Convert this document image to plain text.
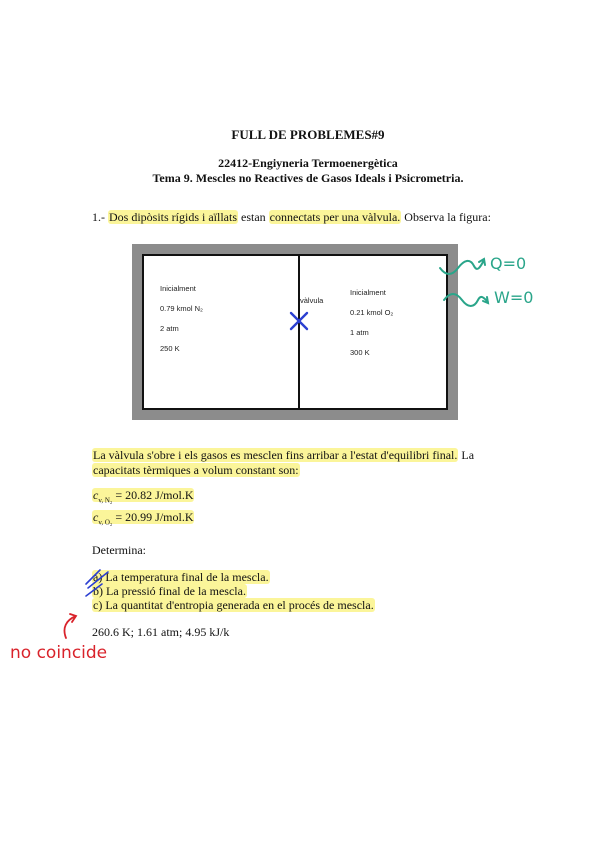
FULL DE PROBLEMES#9
22412-Engiyneria Termoenergètica
Tema 9. Mescles no Reactives de Gasos Ideals i Psicrometria.
1.- Dos dipòsits rígids i aïllats estan connectats per una vàlvula. Observa la figura:
Inicialment
0.79 kmol N₂
2 atm
250 K
vàlvula
Inicialment
0.21 kmol O₂
1 atm
300 K
La vàlvula s'obre i els gasos es mesclen fins arribar a l'estat d'equilibri final. La
capacitats tèrmiques a volum constant son:
$c_{v, N_2} = 20.82$ J/mol.K
$c_{v, O_2} = 20.99$ J/mol.K
Determina:
a) La temperatura final de la mescla.
b) La pressió final de la mescla.
c) La quantitat d'entropia generada en el procés de mescla.
260.6 K; 1.61 atm; 4.95 kJ/k
Q=0
W=0
no coincide
